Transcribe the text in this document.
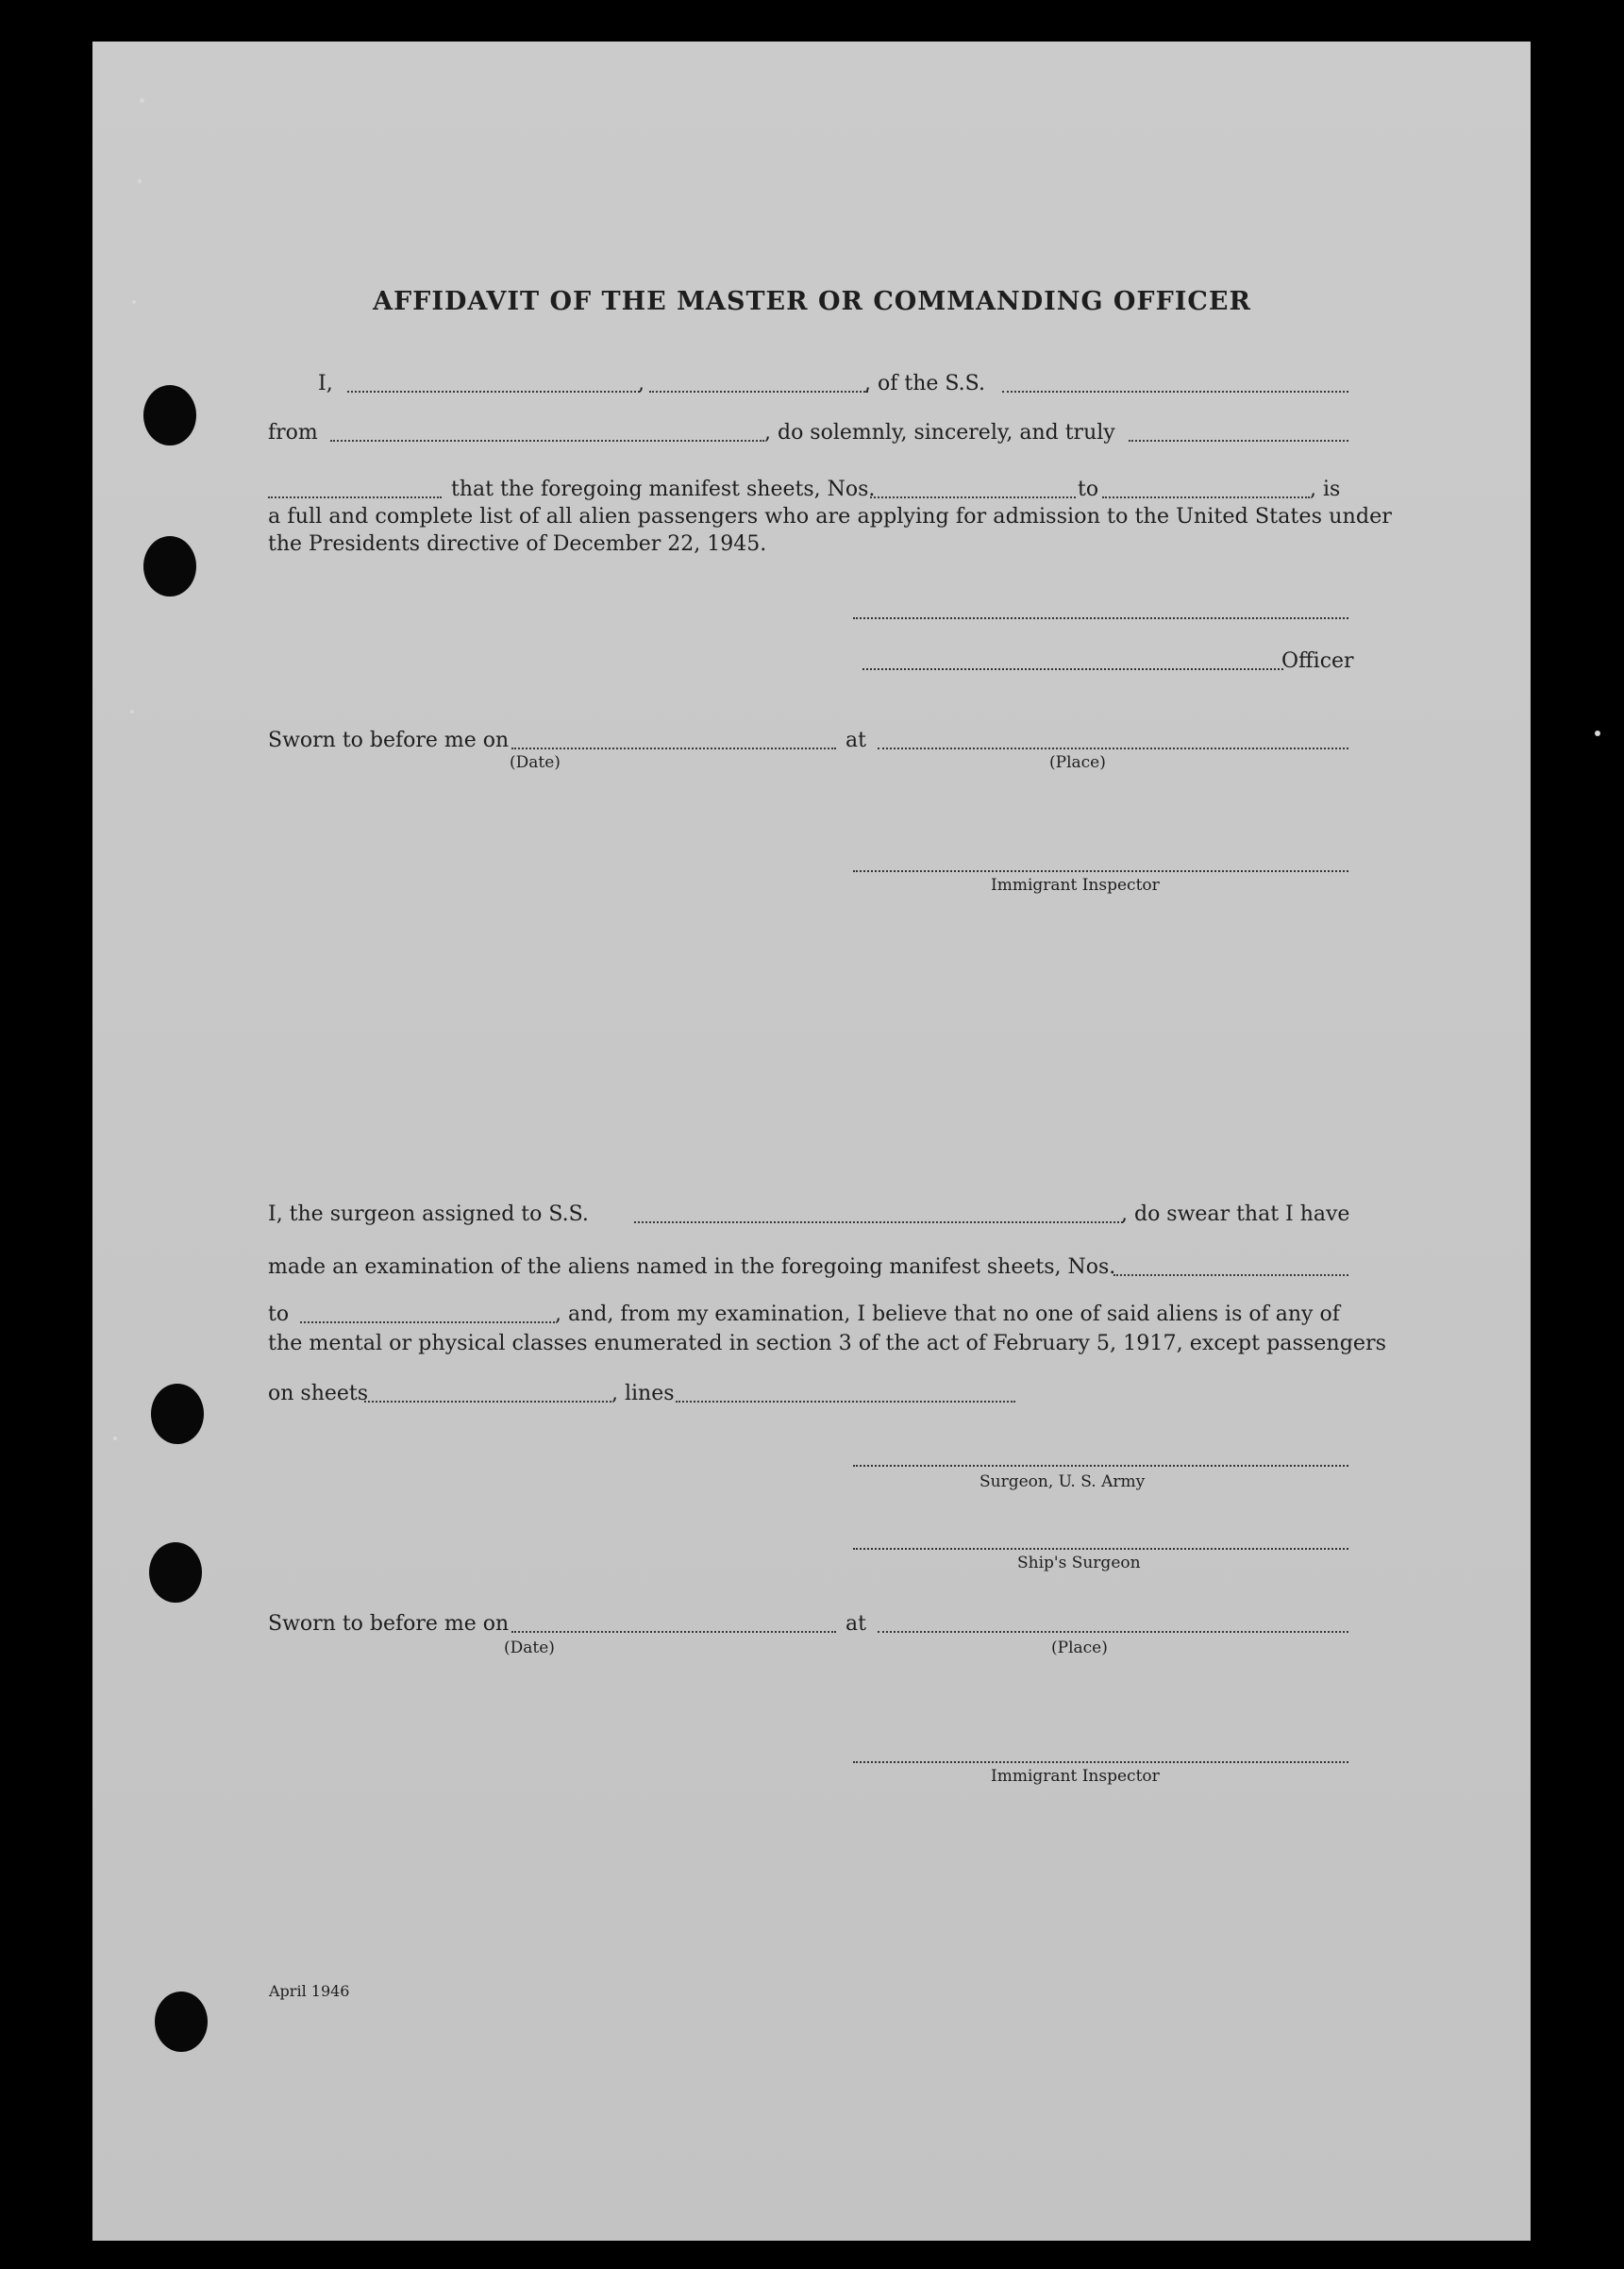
AFFIDAVIT OF THE MASTER OR COMMANDING OFFICER
I,	,	, of the S.S.
from	, do solemnly, sincerely, and truly
that the foregoing manifest sheets, Nos.	to	, is
a full and complete list of all alien passengers who are applying for admission to the United States under
the Presidents directive of December 22, 1945.
Officer
Sworn to before me on	at
(Date)	(Place)
Immigrant Inspector
I, the surgeon assigned to S.S.	, do swear that I have
made an examination of the aliens named in the foregoing manifest sheets, Nos.
to	, and, from my examination, I believe that no one of said aliens is of any of
the mental or physical classes enumerated in section 3 of the act of February 5, 1917, except passengers
on sheets	, lines
Surgeon, U. S. Army
Ship's Surgeon
Sworn to before me on	at
(Date)	(Place)
Immigrant Inspector
April 1946
